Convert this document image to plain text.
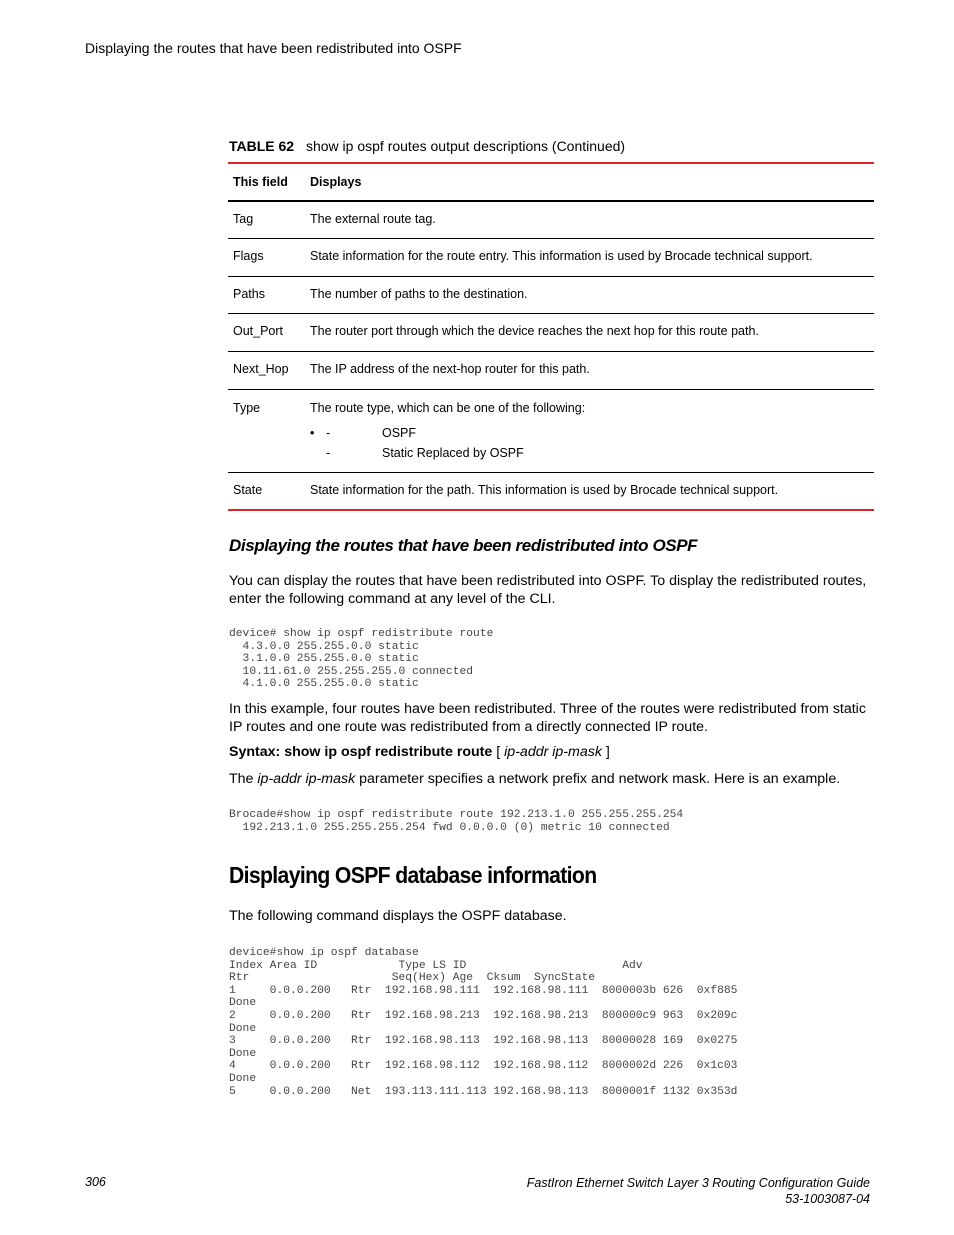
Displaying the routes that have been redistributed into OSPF
TABLE 62 show ip ospf routes output descriptions (Continued)
This field Displays
Tag	The external route tag.
Flags	State information for the route entry. This information is used by Brocade technical support.
Paths	The number of paths to the destination.
Out_Port The router port through which the device reaches the next hop for this route path.
Next_Hop The IP address of the next-hop router for this path.
Type	The route type, which can be one of the following:
• -	OSPF
-	Static Replaced by OSPF
State	State information for the path. This information is used by Brocade technical support.
Displaying the routes that have been redistributed into OSPF
You can display the routes that have been redistributed into OSPF. To display the redistributed routes, enter the following command at any level of the CLI.
device# show ip ospf redistribute route
4.3.0.0 255.255.0.0 static
3.1.0.0 255.255.0.0 static
10.11.61.0 255.255.255.0 connected
4.1.0.0 255.255.0.0 static
In this example, four routes have been redistributed. Three of the routes were redistributed from static IP routes and one route was redistributed from a directly connected IP route.
Syntax: show ip ospf redistribute route [ ip-addr ip-mask ]
The ip-addr ip-mask parameter specifies a network prefix and network mask. Here is an example.
Brocade#show ip ospf redistribute route 192.213.1.0 255.255.255.254
192.213.1.0 255.255.255.254 fwd 0.0.0.0 (0) metric 10 connected
Displaying OSPF database information
The following command displays the OSPF database.
device#show ip ospf database
Index Area ID            Type LS ID                       Adv
Rtr                     Seq(Hex) Age  Cksum  SyncState
1     0.0.0.200   Rtr  192.168.98.111  192.168.98.111  8000003b 626  0xf885
Done
2     0.0.0.200   Rtr  192.168.98.213  192.168.98.213  800000c9 963  0x209c
Done
3     0.0.0.200   Rtr  192.168.98.113  192.168.98.113  80000028 169  0x0275
Done
4     0.0.0.200   Rtr  192.168.98.112  192.168.98.112  8000002d 226  0x1c03
Done
5     0.0.0.200   Net  193.113.111.113 192.168.98.113  8000001f 1132 0x353d
306	FastIron Ethernet Switch Layer 3 Routing Configuration Guide
53-1003087-04
